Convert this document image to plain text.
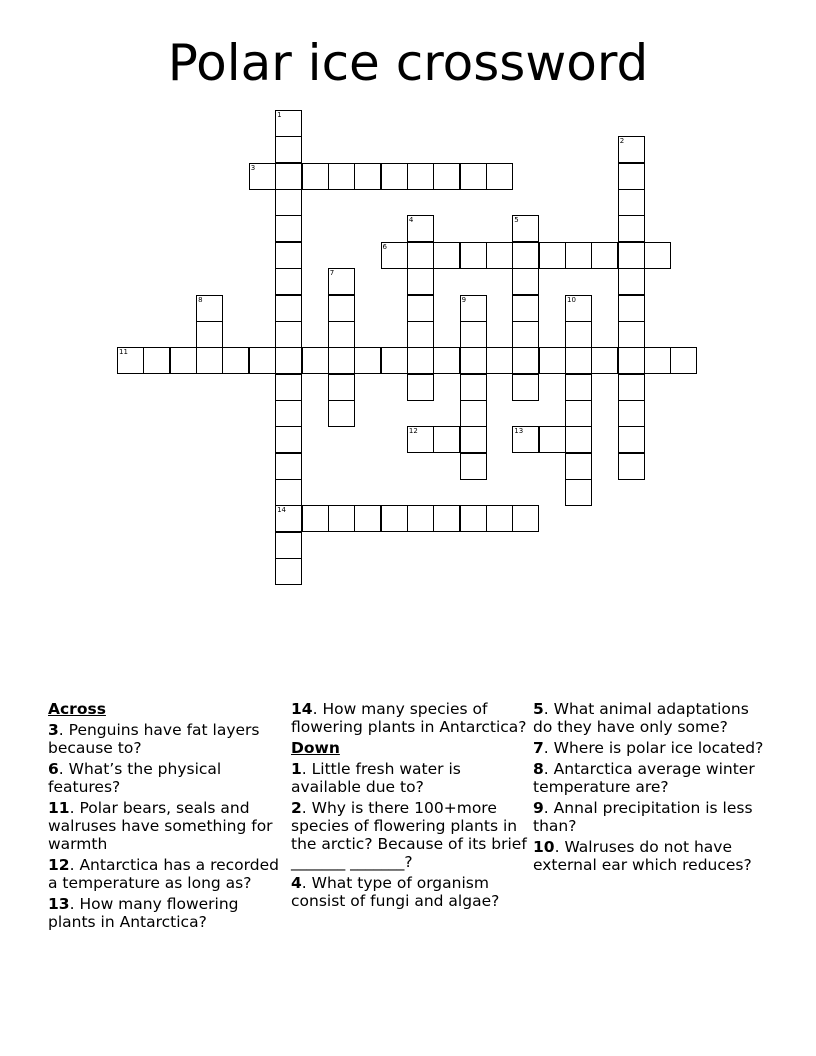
Polar ice crossword
3
6
11
12	13
14
1
2
4	5
7
8	9	10
Across
3. Penguins have fat layers because to?
6. What’s the physical features?
11. Polar bears, seals and walruses have something for warmth
12. Antarctica has a recorded a temperature as long as?
13. How many flowering plants in Antarctica?
14. How many species of flowering plants in Antarctica?
Down
1. Little fresh water is available due to?
2. Why is there 100+more species of flowering plants in the arctic? Because of its brief _______ _______?
4. What type of organism consist of fungi and algae?
5. What animal adaptations do they have only some?
7. Where is polar ice located?
8. Antarctica average winter temperature are?
9. Annal precipitation is less than?
10. Walruses do not have external ear which reduces?
